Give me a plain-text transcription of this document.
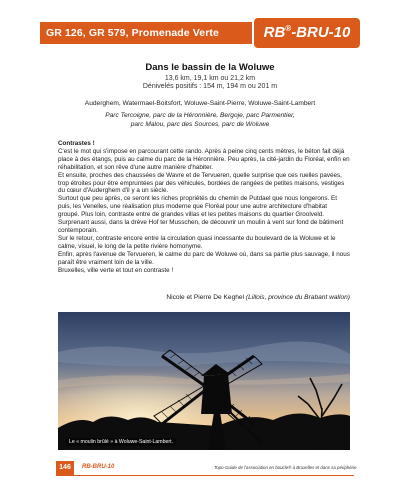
GR 126, GR 579, Promenade Verte	RB®-BRU-10
Dans le bassin de la Woluwe
13,6 km, 19,1 km ou 21,2 km
Dénivelés positifs : 154 m, 194 m ou 201 m
Auderghem, Watermael-Boitsfort, Woluwe-Saint-Pierre, Woluwe-Saint-Lambert
Parc Tercoigne, parc de la Héronnière, Bergoje, parc Parmentier,
parc Malou, parc des Sources, parc de Woluwe

Contrastes !

C'est le mot qui s'impose en parcourant cette rando. Après à peine cinq cents mètres, le béton fait déjà place à des étangs, puis au calme du parc de la Héronnière. Peu après, la cité-jardin du Floréal, enfin en réhabilitation, et son rêve d'une autre manière d'habiter.

Et ensuite, proches des chaussées de Wavre et de Tervueren, quelle surprise que ces ruelles pavées, trop étroites pour être empruntées par des véhicules, bordées de rangées de petites maisons, vestiges du cœur d'Auderghem d'il y a un siècle.

Surtout que peu après, ce seront les riches propriétés du chemin de Putdael que nous longerons. Et puis, les Venelles, une réalisation plus moderne que Floréal pour une autre architecture d'habitat groupé. Plus loin, contraste entre de grandes villas et les petites maisons du quartier Groolveld. Surprenant aussi, dans la drève Hof ter Musschen, de découvrir un moulin à vent sur fond de bâtiment contemporain.

Sur le retour, contraste encore entre la circulation quasi incessante du boulevard de la Woluwe et le calme, visuel, le long de la petite rivière homonyme.

Enfin, après l'avenue de Tervueren, le calme du parc de Woluwe où, dans sa partie plus sauvage, il nous paraît être vraiment loin de la ville.

Bruxelles, ville verte et tout en contraste !

Nicole et Pierre De Keghel (Lillois, province du Brabant wallon)
Le « moulin brûlé » à Woluwe-Saint-Lambert.
146	RB-BRU-10	Topo-Guide de l'association en boucle® à Bruxelles et dans sa périphérie
